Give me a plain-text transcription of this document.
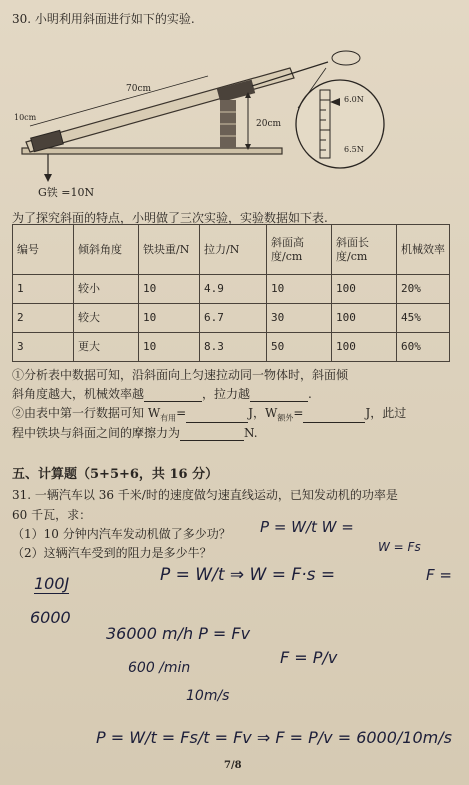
30. 小明利用斜面进行如下的实验.
70cm
10cm
20cm
G铁 =10N
6.0N
6.5N
为了探究斜面的特点，小明做了三次实验，实验数据如下表.
编号	倾斜角度	铁块重/N	拉力/N	斜面高度/cm	斜面长度/cm	机械效率
1	较小	10	4.9	10	100	20%
2	较大	10	6.7	30	100	45%
3	更大	10	8.3	50	100	60%
①分析表中数据可知，沿斜面向上匀速拉动同一物体时，斜面倾
斜角度越大，机械效率越	，拉力越	.
②由表中第一行数据可知 $W_{有用}=$	J，$W_{额外}=$	J，此过
程中铁块与斜面之间的摩擦力为	N.
五、计算题（5+5+6，共 16 分）
31. 一辆汽车以 36 千米/时的速度做匀速直线运动，已知发动机的功率是
60 千瓦，求：
（1）10 分钟内汽车发动机做了多少功？
（2）这辆汽车受到的阻力是多少牛？
P = W/t W =
W = Fs
100J	P = W/t ⇒ W = F·s =	F =
6000
36000 m/h P = Fv
600 /min
F = P/v
10m/s
P = W/t = Fs/t = Fv ⇒ F = P/v = 6000/10m/s
7/8
